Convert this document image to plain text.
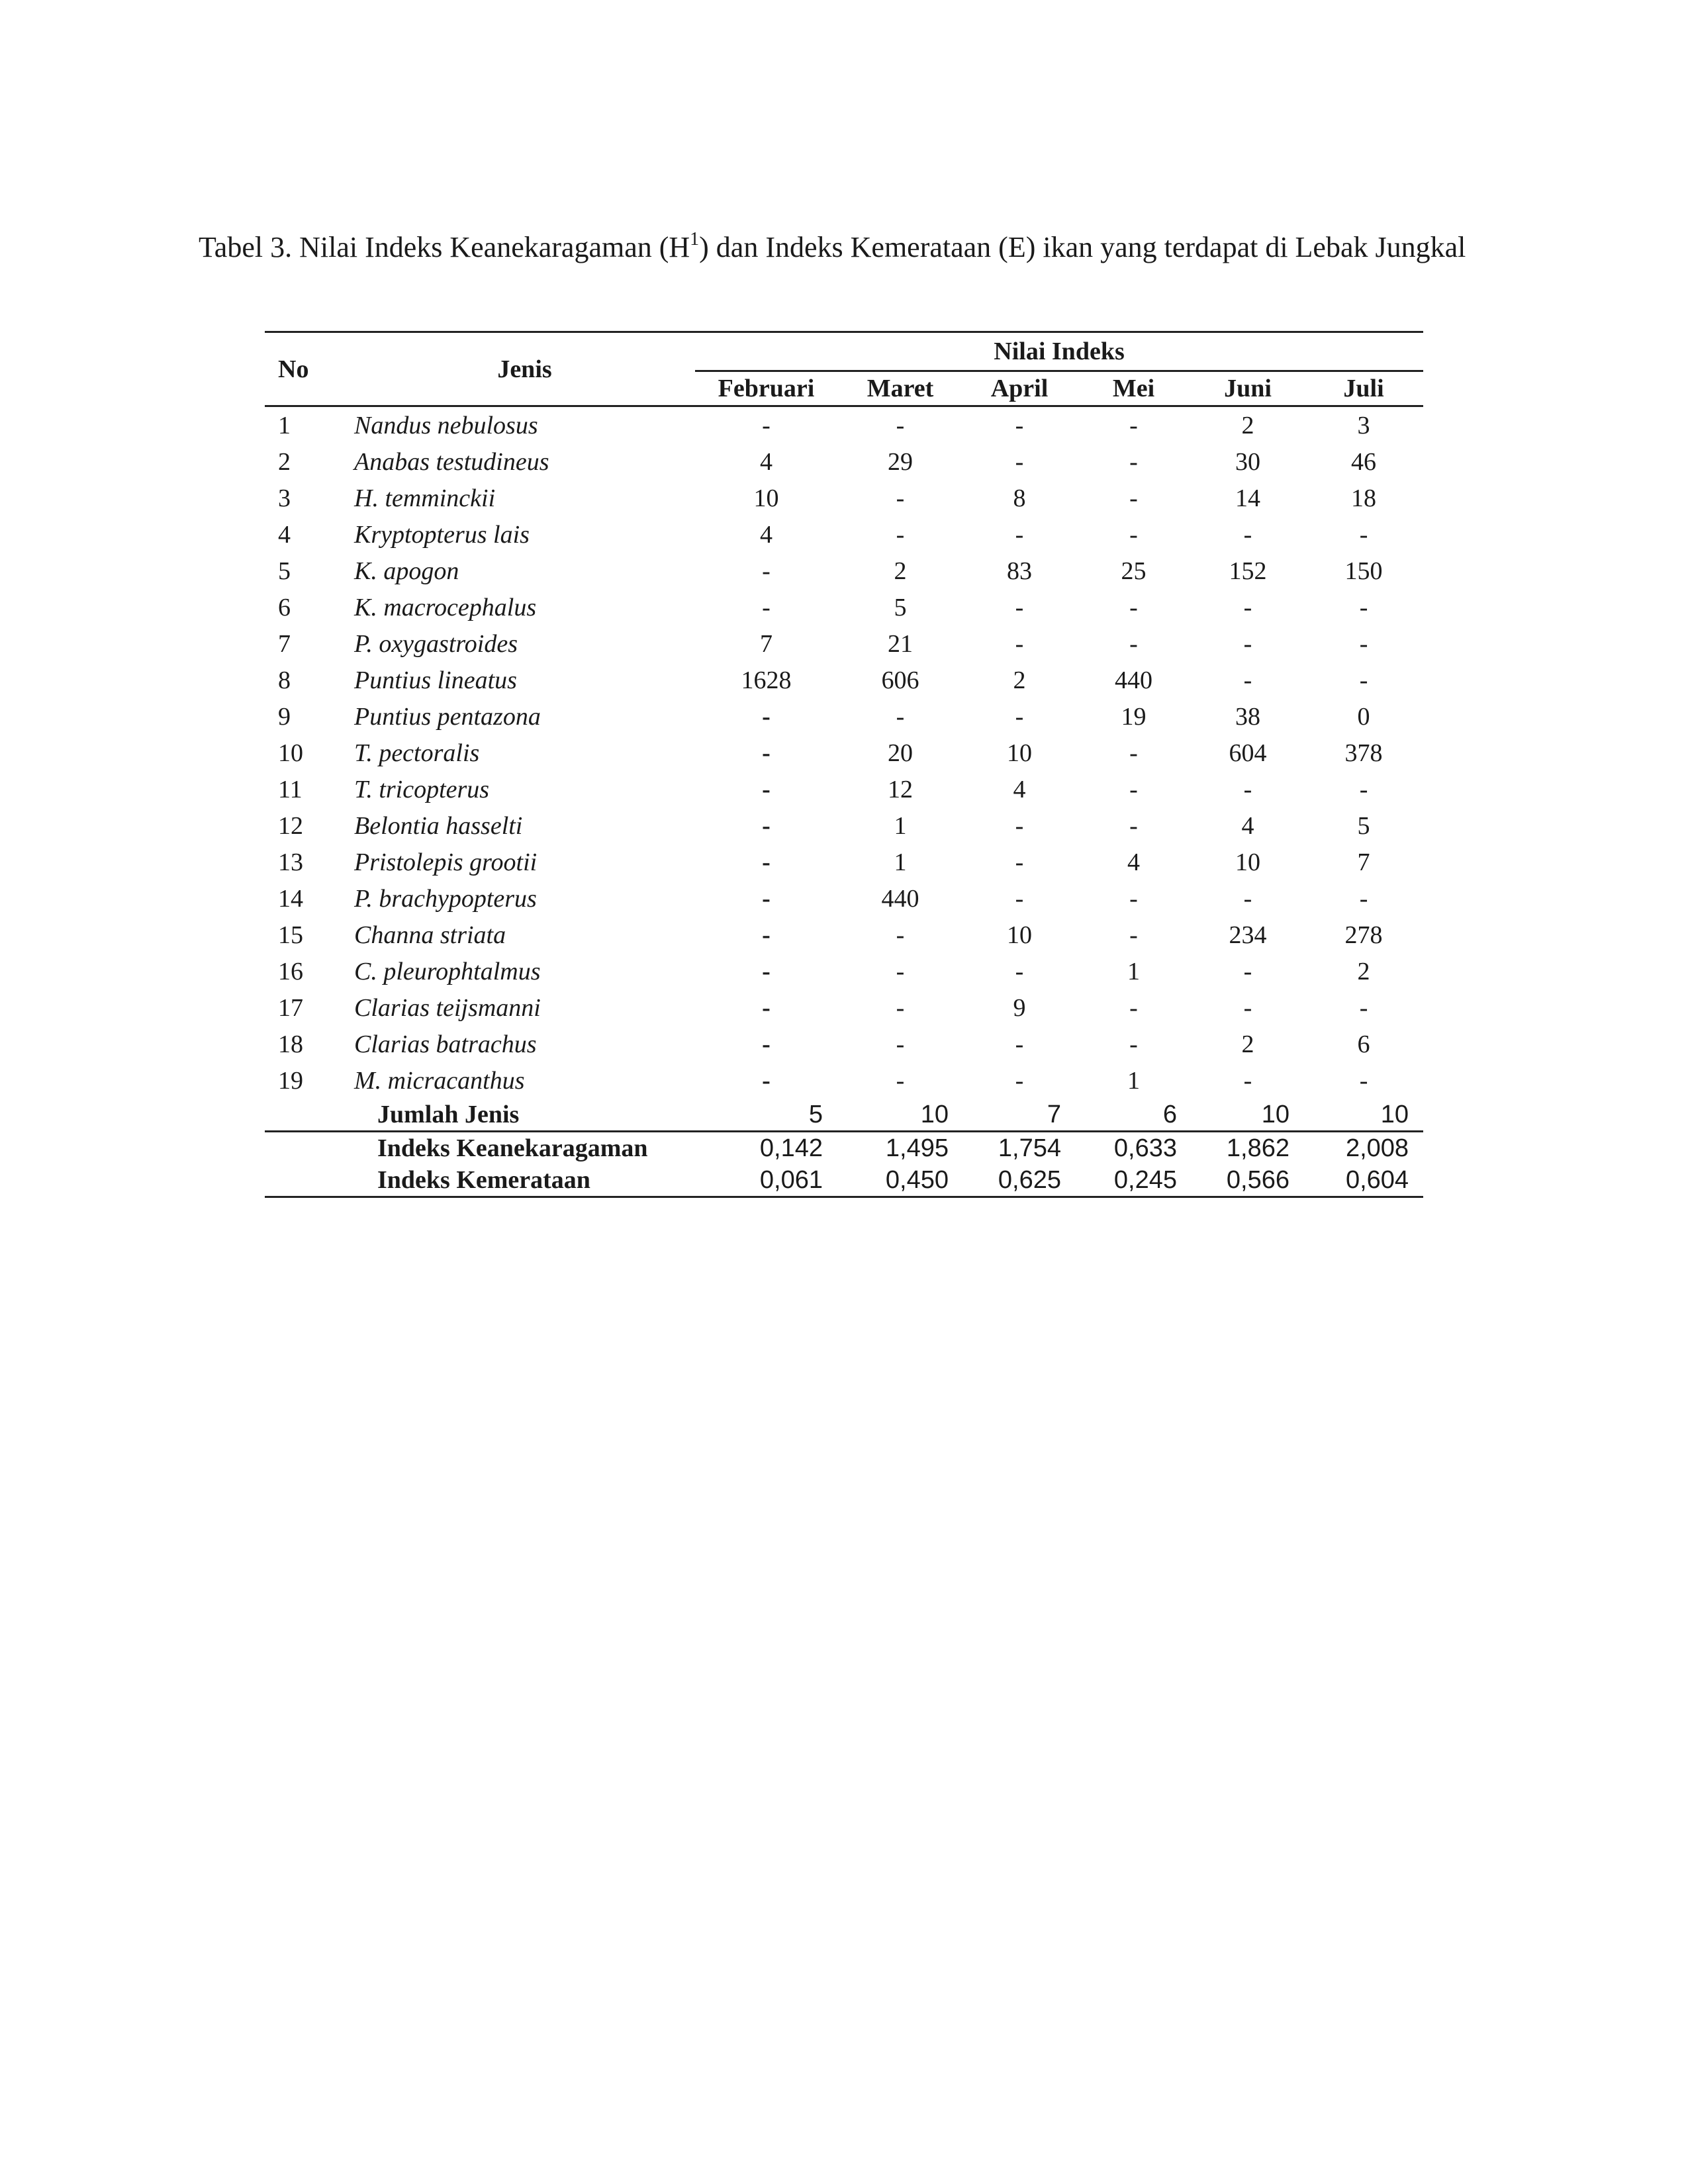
Tabel 3. Nilai Indeks Keanekaragaman $(H^1)$ dan Indeks Kemerataan (E) ikan yang terdapat di Lebak Jungkal
No	Jenis	Nilai Indeks					
		Februari	Maret	April	Mei	Juni	Juli

1	Nandus nebulosus	-	-	-	-	2	3
2	Anabas testudineus	4	29	-	-	30	46
3	H. temminckii	10	-	8	-	14	18
4	Kryptopterus lais	4	-	-	-	-	-
5	K. apogon	-	2	83	25	152	150
6	K. macrocephalus	-	5	-	-	-	-
7	P. oxygastroides	7	21	-	-	-	-
8	Puntius lineatus	1628	606	2	440	-	-
9	Puntius pentazona	-	-	-	19	38	0
10	T. pectoralis	-	20	10	-	604	378
11	T. tricopterus	-	12	4	-	-	-
12	Belontia hasselti	-	1	-	-	4	5
13	Pristolepis grootii	-	1	-	4	10	7
14	P. brachypopterus	-	440	-	-	-	-
15	Channa striata	-	-	10	-	234	278
16	C. pleurophtalmus	-	-	-	1	-	2
17	Clarias teijsmanni	-	-	9	-	-	-
18	Clarias batrachus	-	-	-	-	2	6
19	M. micracanthus	-	-	-	1	-	-
	Jumlah Jenis	5	10	7	6	10	10
	Indeks Keanekaragaman	0,142	1,495	1,754	0,633	1,862	2,008
	Indeks Kemerataan	0,061	0,450	0,625	0,245	0,566	0,604
